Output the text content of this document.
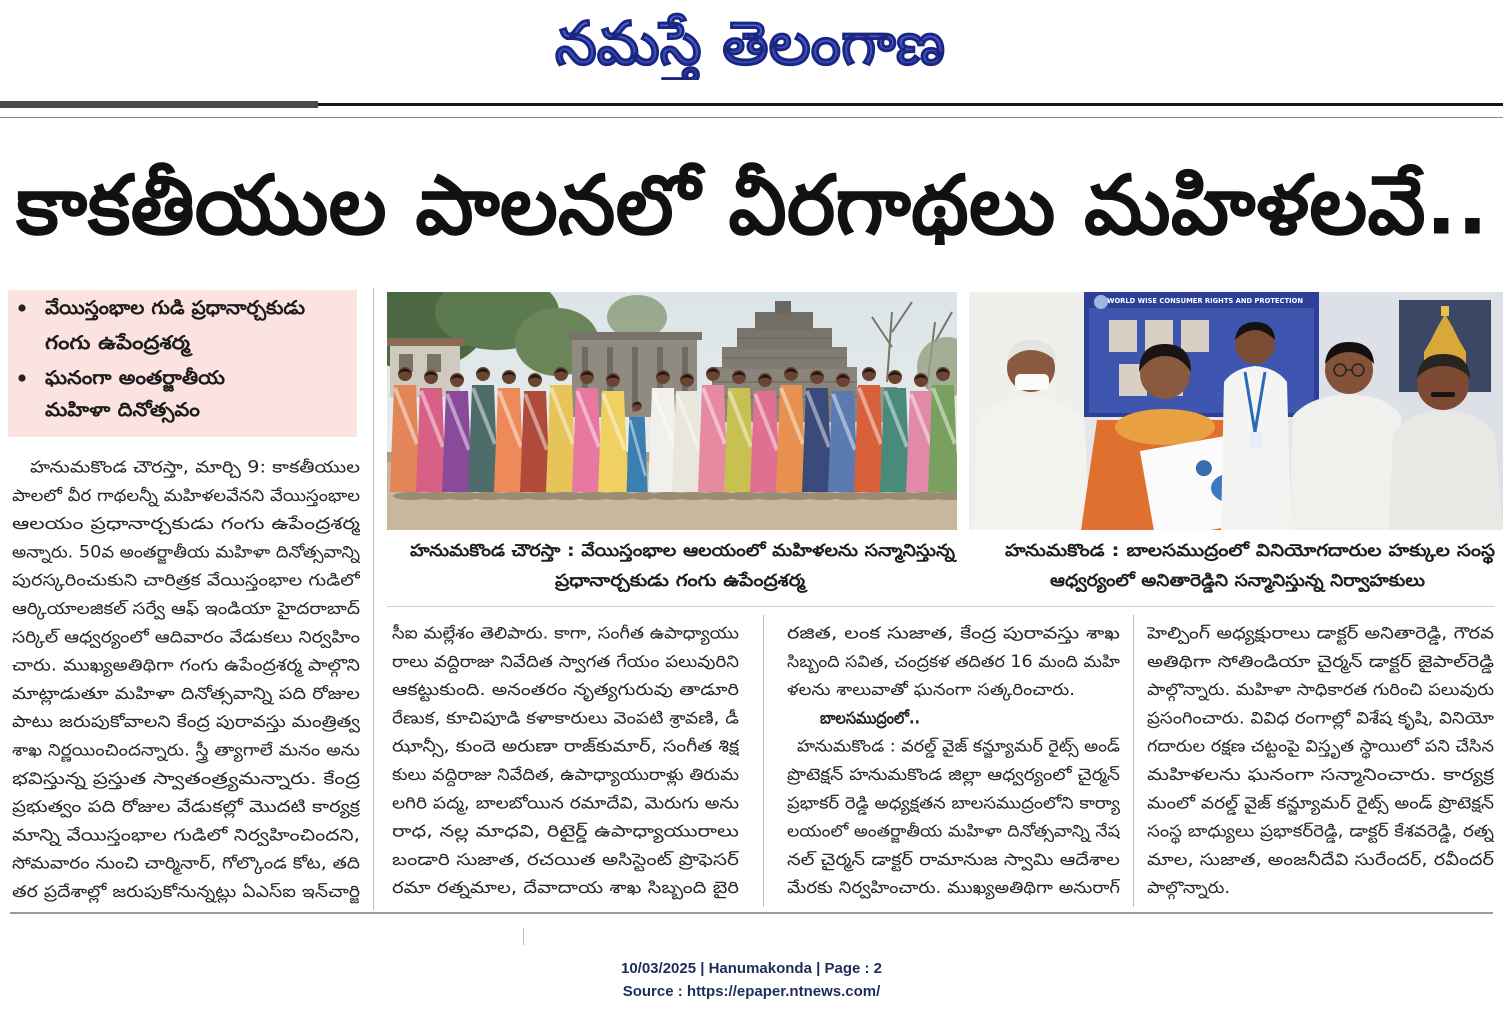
నమస్తే తెలంగాణ
కాకతీయుల పాలనలో వీరగాథలు మహిళలవే..
వేయిస్తంభాల గుడి ప్రధానార్చకుడు
గంగు ఉపేంద్రశర్మ
ఘనంగా అంతర్జాతీయ
మహిళా దినోత్సవం
WORLD WISE CONSUMER RIGHTS AND PROTECTION
హనుమకొండ చౌరస్తా : వేయిస్తంభాల ఆలయంలో మహిళలను సన్మానిస్తున్న
ప్రధానార్చకుడు గంగు ఉపేంద్రశర్మ
హనుమకొండ : బాలసముద్రంలో వినియోగదారుల హక్కుల సంస్థ
ఆధ్వర్యంలో అనితారెడ్డిని సన్మానిస్తున్న నిర్వాహకులు
హనుమకొండ చౌరస్తా, మార్చి 9: కాకతీయుల
పాలలో వీర గాథలన్నీ మహిళలవేనని వేయిస్తంభాల
ఆలయం ప్రధానార్చకుడు గంగు ఉపేంద్రశర్మ
అన్నారు. 50వ అంతర్జాతీయ మహిళా దినోత్సవాన్ని
పురస్కరించుకుని చారిత్రక వేయిస్తంభాల గుడిలో
ఆర్కియాలజికల్ సర్వే ఆఫ్ ఇండియా హైదరాబాద్
సర్కిల్ ఆధ్వర్యంలో ఆదివారం వేడుకలు నిర్వహిం
చారు. ముఖ్యఅతిథిగా గంగు ఉపేంద్రశర్మ పాల్గొని
మాట్లాడుతూ మహిళా దినోత్సవాన్ని పది రోజుల
పాటు జరుపుకోవాలని కేంద్ర పురావస్తు మంత్రిత్వ
శాఖ నిర్ణయించిందన్నారు. స్త్రీ త్యాగాలే మనం అను
భవిస్తున్న ప్రస్తుత స్వాతంత్ర్యమన్నారు. కేంద్ర
ప్రభుత్వం పది రోజుల వేడుకల్లో మొదటి కార్యక్ర
మాన్ని వేయిస్తంభాల గుడిలో నిర్వహించిందని,
సోమవారం నుంచి చార్మినార్, గోల్కొండ కోట, తది
తర ప్రదేశాల్లో జరుపుకోనున్నట్లు ఏఎస్ఐ ఇన్‌చార్జి
సీఐ మల్లేశం తెలిపారు. కాగా, సంగీత ఉపాధ్యాయు
రాలు వద్దిరాజు నివేదిత స్వాగత గేయం పలువురిని
ఆకట్టుకుంది. అనంతరం నృత్యగురువు తాడూరి
రేణుక, కూచిపూడి కళాకారులు వెంపటి శ్రావణి, డీ
ఝాన్సీ, కుందె అరుణా రాజ్‌కుమార్, సంగీత శిక్ష
కులు వద్దిరాజు నివేదిత, ఉపాధ్యాయురాళ్లు తిరుమ
లగిరి పద్మ, బాలబోయిన రమాదేవి, మెరుగు అను
రాధ, నల్ల మాధవి, రిటైర్డ్ ఉపాధ్యాయురాలు
బండారి సుజాత, రచయిత అసిస్టెంట్ ప్రొఫెసర్
రమా రత్నమాల, దేవాదాయ శాఖ సిబ్బంది బైరి
రజిత, లంక సుజాత, కేంద్ర పురావస్తు శాఖ
సిబ్బంది సవిత, చంద్రకళ తదితర 16 మంది మహి
ళలను శాలువాతో ఘనంగా సత్కరించారు.
బాలసముద్రంలో..
హనుమకొండ : వరల్డ్ వైజ్ కన్జ్యూమర్ రైట్స్ అండ్
ప్రొటెక్షన్ హనుమకొండ జిల్లా ఆధ్వర్యంలో చైర్మన్
ప్రభాకర్ రెడ్డి అధ్యక్షతన బాలసముద్రంలోని కార్యా
లయంలో అంతర్జాతీయ మహిళా దినోత్సవాన్ని నేష
నల్ చైర్మన్ డాక్టర్ రామానుజ స్వామి ఆదేశాల
మేరకు నిర్వహించారు. ముఖ్యఅతిథిగా అనురాగ్
హెల్పింగ్ అధ్యక్షురాలు డాక్టర్ అనితారెడ్డి, గౌరవ
అతిథిగా సోతిండియా చైర్మన్ డాక్టర్ జైపాల్‌రెడ్డి
పాల్గొన్నారు. మహిళా సాధికారత గురించి పలువురు
ప్రసంగించారు. వివిధ రంగాల్లో విశేష కృషి, వినియో
గదారుల రక్షణ చట్టంపై విస్తృత స్థాయిలో పని చేసిన
మహిళలను ఘనంగా సన్మానించారు. కార్యక్ర
మంలో వరల్డ్ వైజ్ కన్జ్యూమర్ రైట్స్ అండ్ ప్రొటెక్షన్
సంస్థ బాధ్యులు ప్రభాకర్‌రెడ్డి, డాక్టర్ కేశవరెడ్డి, రత్న
మాల, సుజాత, అంజనీదేవి సురేందర్, రవీందర్
పాల్గొన్నారు.
10/03/2025 | Hanumakonda | Page : 2
Source : https://epaper.ntnews.com/
